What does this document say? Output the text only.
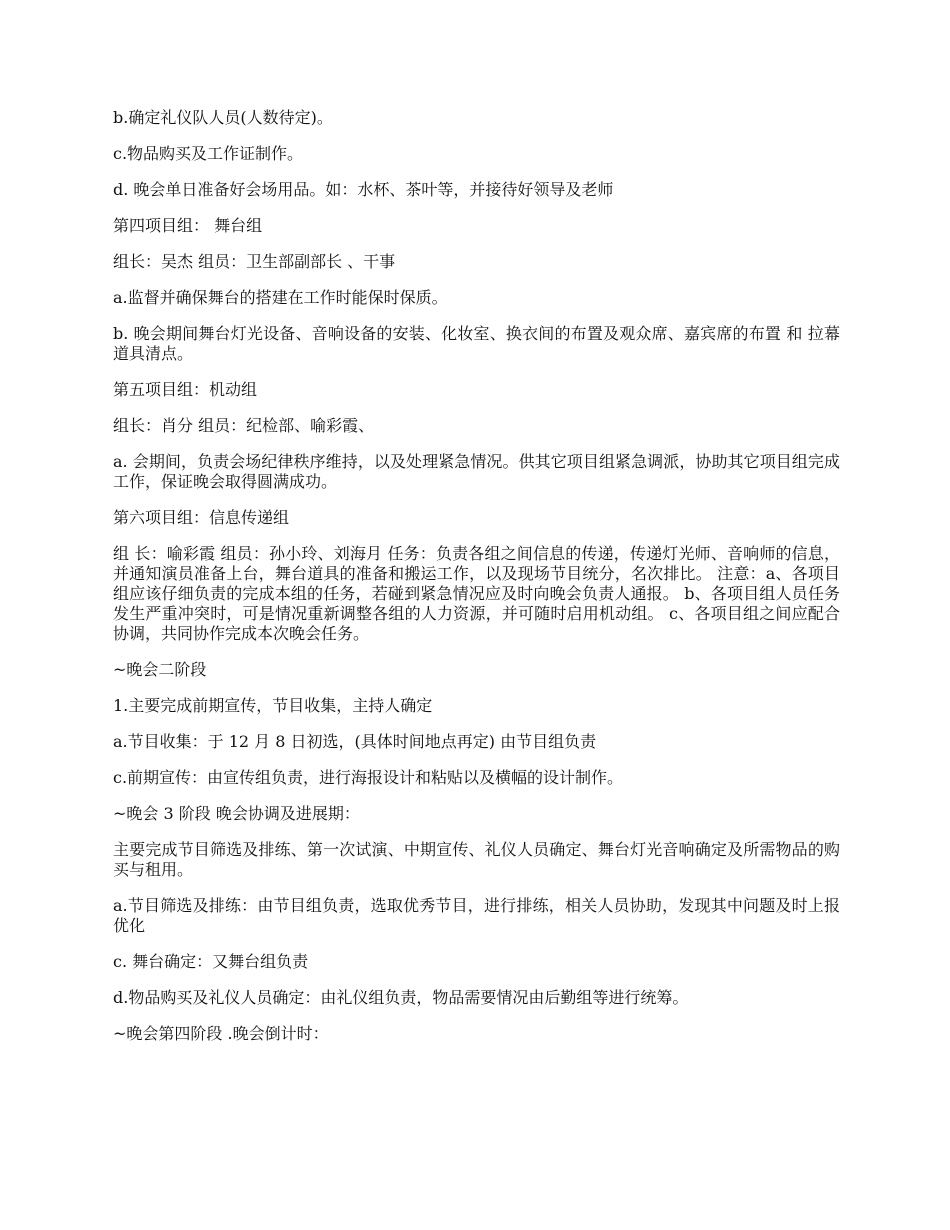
b.确定礼仪队人员(人数待定)。

c.物品购买及工作证制作。

d. 晚会单日准备好会场用品。如：水杯、茶叶等，并接待好领导及老师

第四项目组： 舞台组

组长：吴杰 组员：卫生部副部长 、干事

a.监督并确保舞台的搭建在工作时能保时保质。

b. 晚会期间舞台灯光设备、音响设备的安装、化妆室、换衣间的布置及观众席、嘉宾席的布置 和 拉幕 道具清点。

第五项目组：机动组

组长：肖分 组员：纪检部、喻彩霞、

a. 会期间，负责会场纪律秩序维持，以及处理紧急情况。供其它项目组紧急调派，协助其它项目组完成工作，保证晚会取得圆满成功。

第六项目组：信息传递组

组 长：喻彩霞 组员：孙小玲、刘海月 任务：负责各组之间信息的传递，传递灯光师、音响师的信息，并通知演员准备上台，舞台道具的准备和搬运工作，以及现场节目统分，名次排比。 注意：a、各项目组应该仔细负责的完成本组的任务，若碰到紧急情况应及时向晚会负责人通报。 b、各项目组人员任务发生严重冲突时，可是情况重新调整各组的人力资源，并可随时启用机动组。 c、各项目组之间应配合协调，共同协作完成本次晚会任务。

~晚会二阶段

1.主要完成前期宣传，节目收集，主持人确定

a.节目收集：于 12 月 8 日初选，(具体时间地点再定) 由节目组负责

c.前期宣传：由宣传组负责，进行海报设计和粘贴以及横幅的设计制作。

~晚会 3 阶段 晚会协调及进展期：

主要完成节目筛选及排练、第一次试演、中期宣传、礼仪人员确定、舞台灯光音响确定及所需物品的购买与租用。

a.节目筛选及排练：由节目组负责，选取优秀节目，进行排练，相关人员协助，发现其中问题及时上报优化

c. 舞台确定：又舞台组负责

d.物品购买及礼仪人员确定：由礼仪组负责，物品需要情况由后勤组等进行统筹。

~晚会第四阶段 .晚会倒计时：
